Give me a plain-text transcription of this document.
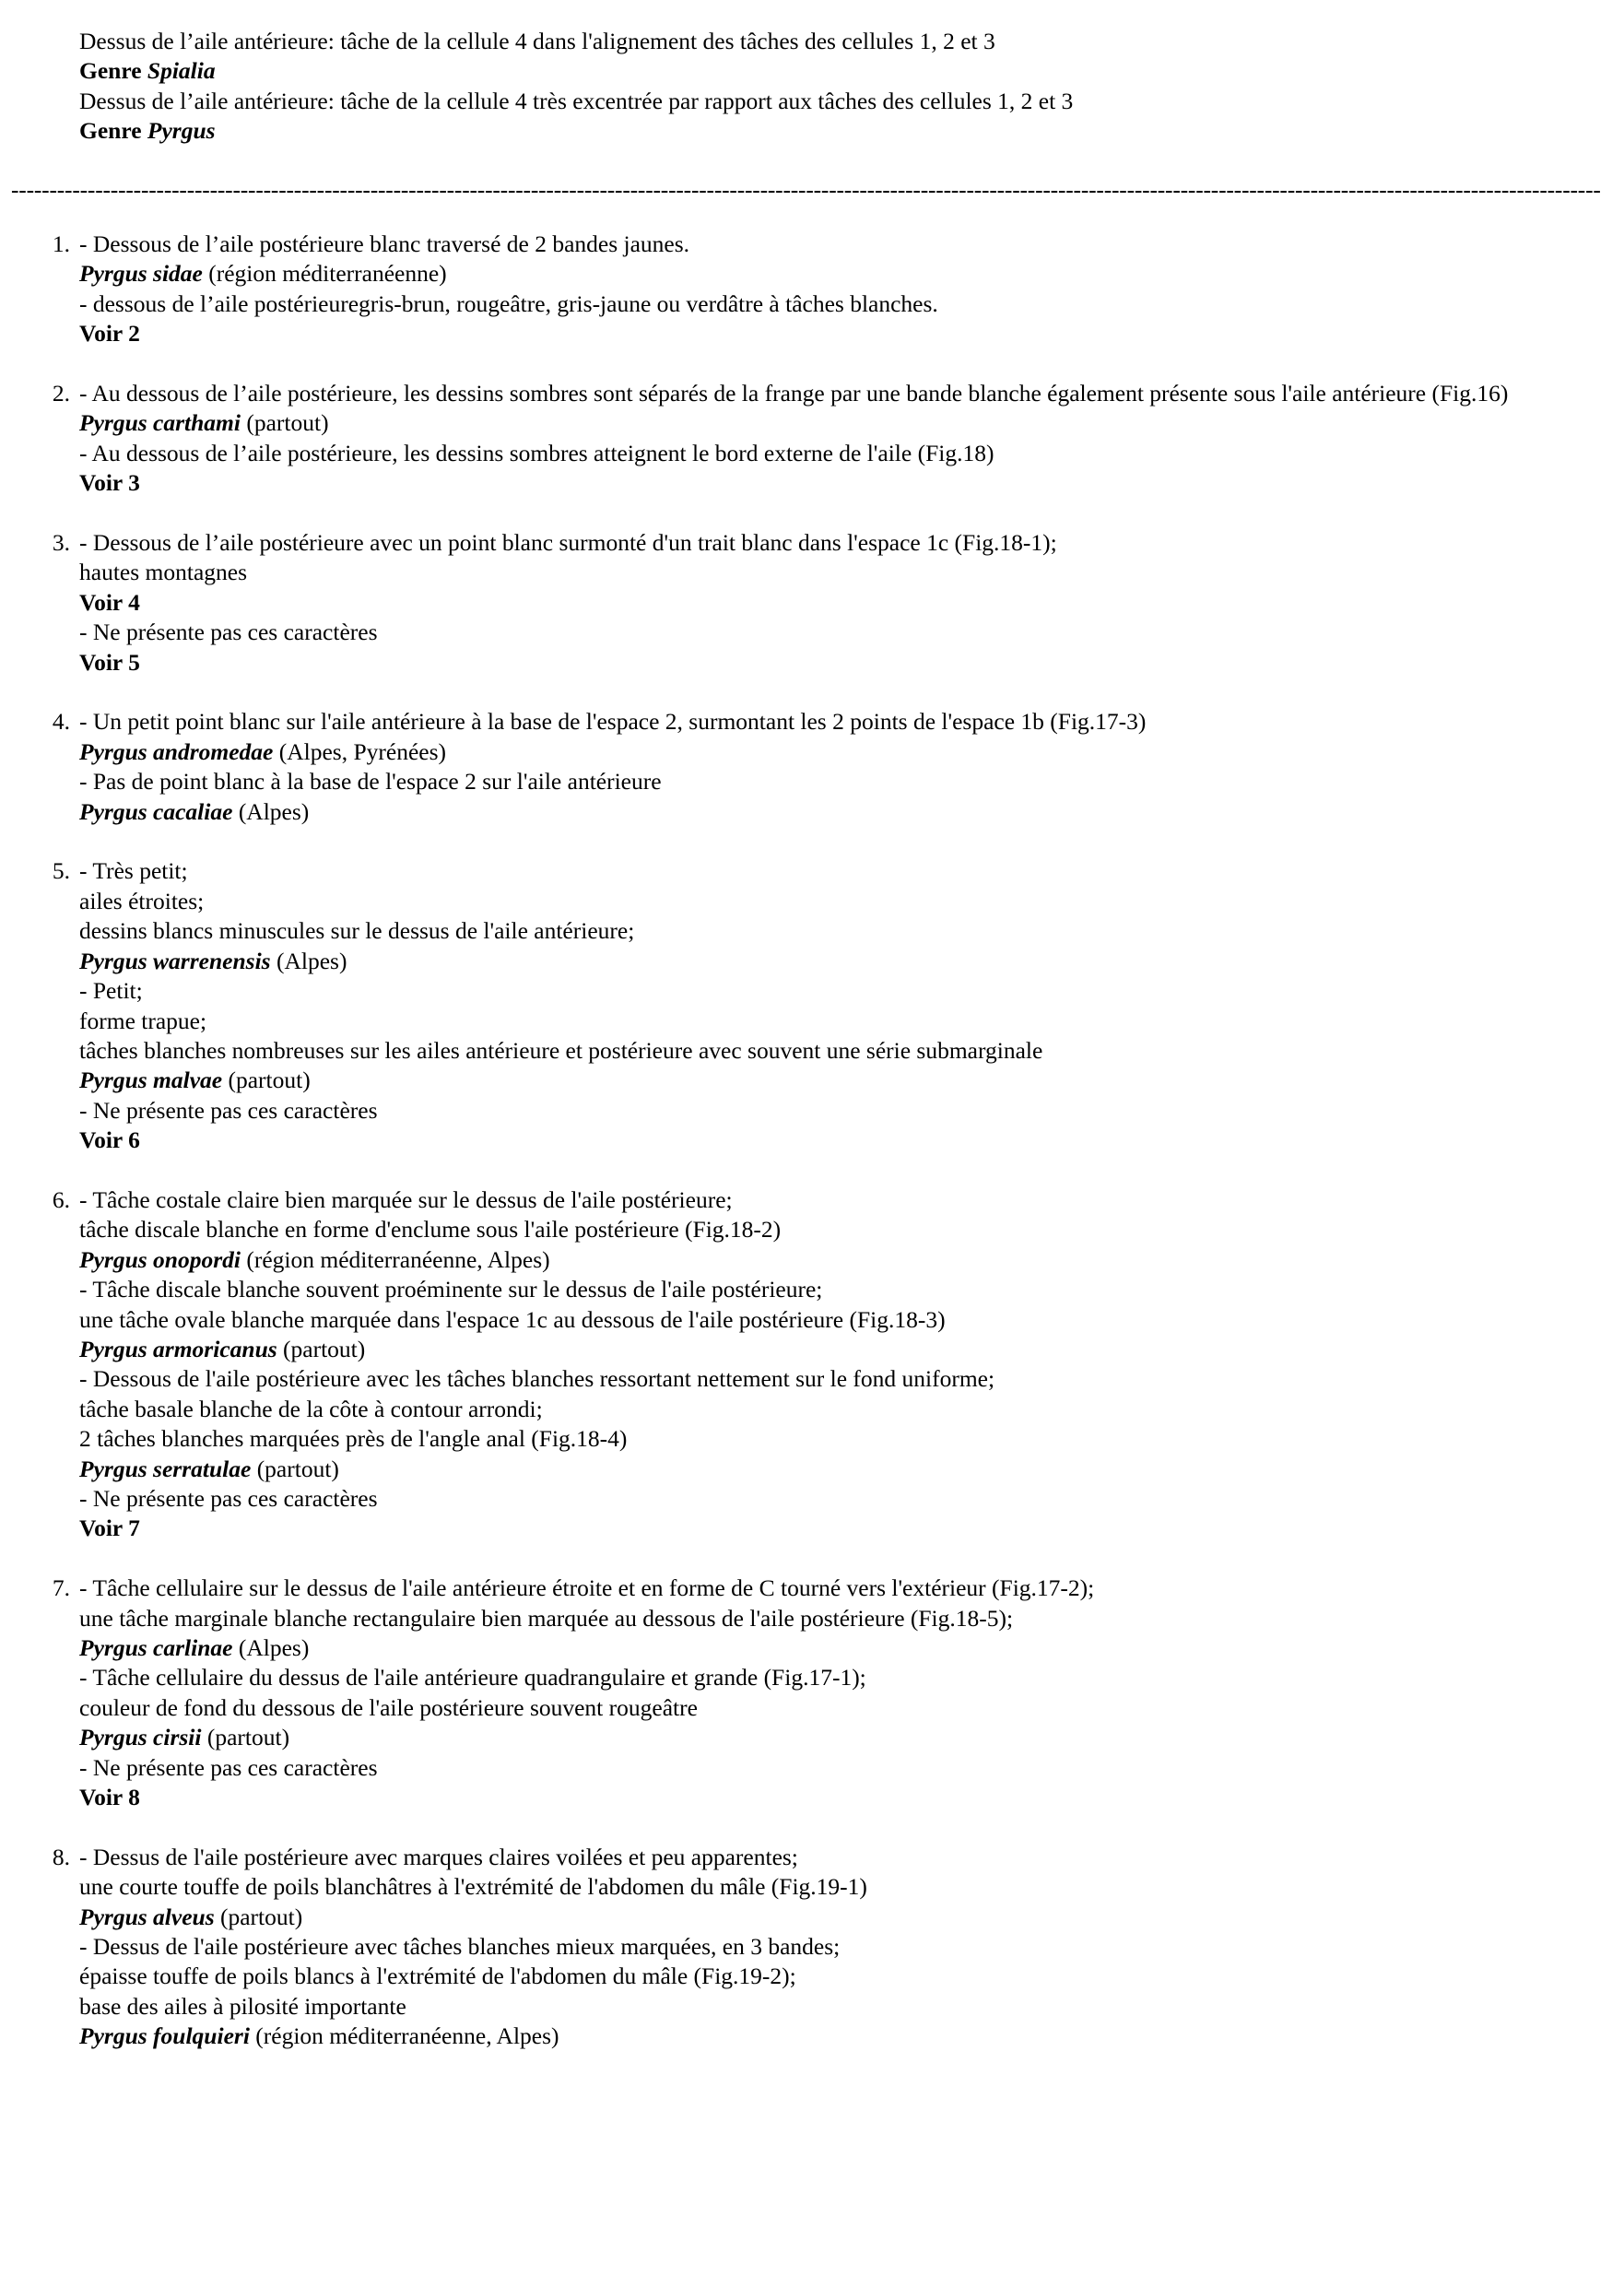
Dessus de l’aile antérieure: tâche de la cellule 4 dans l'alignement des tâches des cellules 1, 2 et 3
Genre Spialia
Dessus de l’aile antérieure: tâche de la cellule 4 très excentrée par rapport aux tâches des cellules 1, 2 et 3
Genre Pyrgus
----------------------------------------------------------------------------------------------------------------------------------------------------------------------------------------------------------------
1. - Dessous de l’aile postérieure blanc traversé de 2 bandes jaunes.
Pyrgus sidae (région méditerranéenne)
- dessous de l’aile postérieuregris-brun, rougeâtre, gris-jaune ou verdâtre à tâches blanches.
Voir 2
2. - Au dessous de l’aile postérieure, les dessins sombres sont séparés de la frange par une bande blanche également présente sous l'aile antérieure (Fig.16)
Pyrgus carthami (partout)
- Au dessous de l’aile postérieure, les dessins sombres atteignent le bord externe de l'aile (Fig.18)
Voir 3
3. - Dessous de l’aile postérieure avec un point blanc surmonté d'un trait blanc dans l'espace 1c (Fig.18-1);
hautes montagnes
Voir 4
- Ne présente pas ces caractères
Voir 5
4. - Un petit point blanc sur l'aile antérieure à la base de l'espace 2, surmontant les 2 points de l'espace 1b (Fig.17-3)
Pyrgus andromedae (Alpes, Pyrénées)
- Pas de point blanc à la base de l'espace 2 sur l'aile antérieure
Pyrgus cacaliae (Alpes)
5. - Très petit;
ailes étroites;
dessins blancs minuscules sur le dessus de l'aile antérieure;
Pyrgus warrenensis (Alpes)
- Petit;
forme trapue;
tâches blanches nombreuses sur les ailes antérieure et postérieure avec souvent une série submarginale
Pyrgus malvae (partout)
- Ne présente pas ces caractères
Voir 6
6. - Tâche costale claire bien marquée sur le dessus de l'aile postérieure;
tâche discale blanche en forme d'enclume sous l'aile postérieure (Fig.18-2)
Pyrgus onopordi (région méditerranéenne, Alpes)
- Tâche discale blanche souvent proéminente sur le dessus de l'aile postérieure;
une tâche ovale blanche marquée dans l'espace 1c au dessous de l'aile postérieure (Fig.18-3)
Pyrgus armoricanus (partout)
- Dessous de l'aile postérieure avec les tâches blanches ressortant nettement sur le fond uniforme;
tâche basale blanche de la côte à contour arrondi;
2 tâches blanches marquées près de l'angle anal (Fig.18-4)
Pyrgus serratulae (partout)
- Ne présente pas ces caractères
Voir 7
7. - Tâche cellulaire sur le dessus de l'aile antérieure étroite et en forme de C tourné vers l'extérieur (Fig.17-2);
une tâche marginale blanche rectangulaire bien marquée au dessous de l'aile postérieure (Fig.18-5);
Pyrgus carlinae (Alpes)
- Tâche cellulaire du dessus de l'aile antérieure quadrangulaire et grande (Fig.17-1);
couleur de fond du dessous de l'aile postérieure souvent rougeâtre
Pyrgus cirsii (partout)
- Ne présente pas ces caractères
Voir 8
8. - Dessus de l'aile postérieure avec marques claires voilées et peu apparentes;
une courte touffe de poils blanchâtres à l'extrémité de l'abdomen du mâle (Fig.19-1)
Pyrgus alveus (partout)
- Dessus de l'aile postérieure avec tâches blanches mieux marquées, en 3 bandes;
épaisse touffe de poils blancs à l'extrémité de l'abdomen du mâle (Fig.19-2);
base des ailes à pilosité importante
Pyrgus foulquieri (région méditerranéenne, Alpes)
